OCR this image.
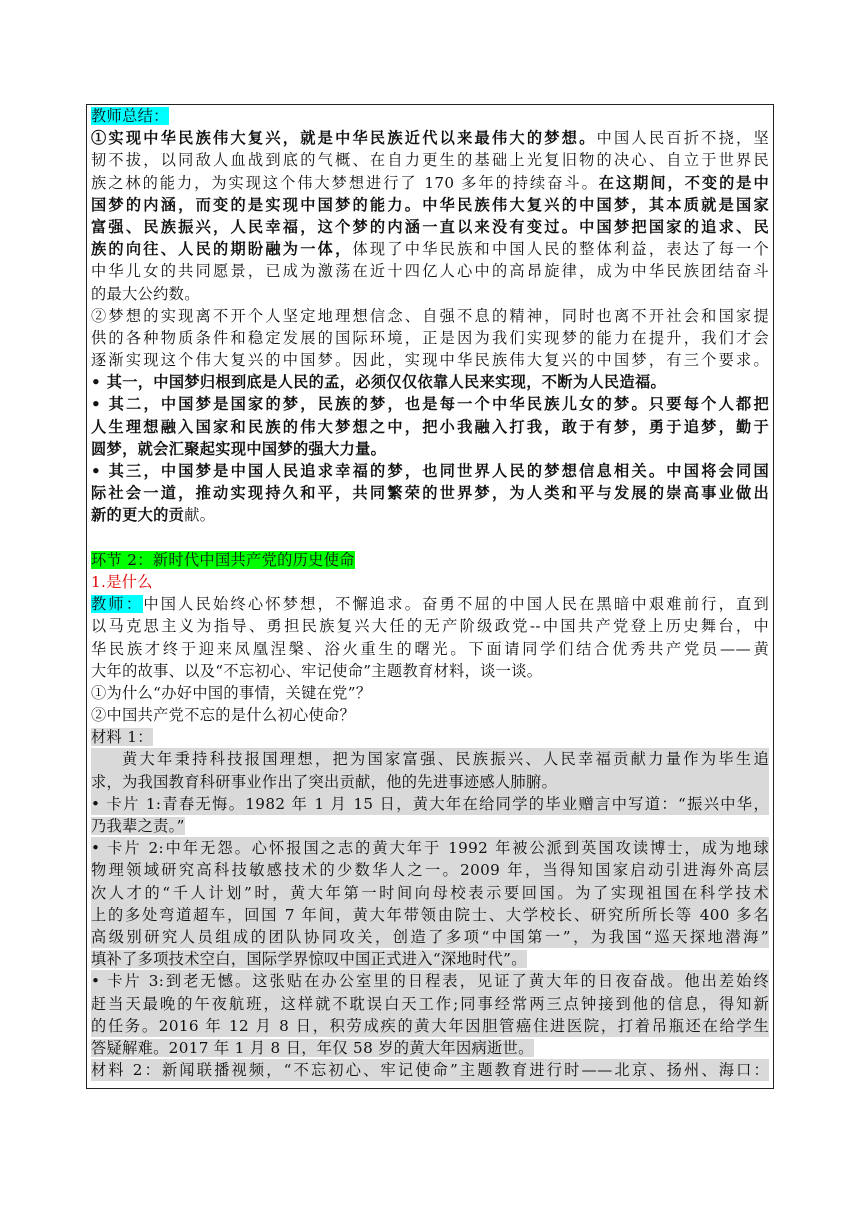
教师总结：
①实现中华民族伟大复兴，就是中华民族近代以来最伟大的梦想。中国人民百折不挠，坚
韧不拔，以同敌人血战到底的气概、在自力更生的基础上光复旧物的决心、自立于世界民
族之林的能力，为实现这个伟大梦想进行了 170 多年的持续奋斗。在这期间，不变的是中
国梦的内涵，而变的是实现中国梦的能力。中华民族伟大复兴的中国梦，其本质就是国家
富强、民族振兴，人民幸福，这个梦的内涵一直以来没有变过。中国梦把国家的追求、民
族的向往、人民的期盼融为一体，体现了中华民族和中国人民的整体利益，表达了每一个
中华儿女的共同愿景，已成为激荡在近十四亿人心中的高昂旋律，成为中华民族团结奋斗
的最大公约数。
②梦想的实现离不开个人坚定地理想信念、自强不息的精神，同时也离不开社会和国家提
供的各种物质条件和稳定发展的国际环境，正是因为我们实现梦的能力在提升，我们才会
逐渐实现这个伟大复兴的中国梦。因此，实现中华民族伟大复兴的中国梦，有三个要求。
• 其一，中国梦归根到底是人民的孟，必须仅仅依靠人民来实现，不断为人民造福。
• 其二，中国梦是国家的梦，民族的梦，也是每一个中华民族儿女的梦。只要每个人都把
人生理想融入国家和民族的伟大梦想之中，把小我融入打我，敢于有梦，勇于追梦，勤于
圆梦，就会汇聚起实现中国梦的强大力量。
• 其三，中国梦是中国人民追求幸福的梦，也同世界人民的梦想信息相关。中国将会同国
际社会一道，推动实现持久和平，共同繁荣的世界梦，为人类和平与发展的崇高事业做出
新的更大的贡献。
环节 2：新时代中国共产党的历史使命
1.是什么
教师：中国人民始终心怀梦想，不懈追求。奋勇不屈的中国人民在黑暗中艰难前行，直到
以马克思主义为指导、勇担民族复兴大任的无产阶级政党--中国共产党登上历史舞台，中
华民族才终于迎来凤凰涅槃、浴火重生的曙光。下面请同学们结合优秀共产党员——黄
大年的故事、以及“不忘初心、牢记使命”主题教育材料，谈一谈。
①为什么“办好中国的事情，关键在党”？
②中国共产党不忘的是什么初心使命？
材料 1：
黄大年秉持科技报国理想，把为国家富强、民族振兴、人民幸福贡献力量作为毕生追
求，为我国教育科研事业作出了突出贡献，他的先进事迹感人肺腑。
• 卡片 1:青春无悔。1982 年 1 月 15 日，黄大年在给同学的毕业赠言中写道：“振兴中华，
乃我辈之责。”
• 卡片 2:中年无怨。心怀报国之志的黄大年于 1992 年被公派到英国攻读博士，成为地球
物理领域研究高科技敏感技术的少数华人之一。2009 年，当得知国家启动引进海外高层
次人才的“千人计划”时，黄大年第一时间向母校表示要回国。为了实现祖国在科学技术
上的多处弯道超车，回国 7 年间，黄大年带领由院士、大学校长、研究所所长等 400 多名
高级别研究人员组成的团队协同攻关，创造了多项“中国第一”，为我国“巡天探地潜海”
填补了多项技术空白，国际学界惊叹中国正式进入“深地时代”。
• 卡片 3:到老无憾。这张贴在办公室里的日程表，见证了黄大年的日夜奋战。他出差始终
赶当天最晚的午夜航班，这样就不耽误白天工作;同事经常两三点钟接到他的信息，得知新
的任务。2016 年 12 月 8 日，积劳成疾的黄大年因胆管癌住进医院，打着吊瓶还在给学生
答疑解难。2017 年 1 月 8 日，年仅 58 岁的黄大年因病逝世。
材料 2：新闻联播视频，“不忘初心、牢记使命”主题教育进行时——北京、扬州、海口：
